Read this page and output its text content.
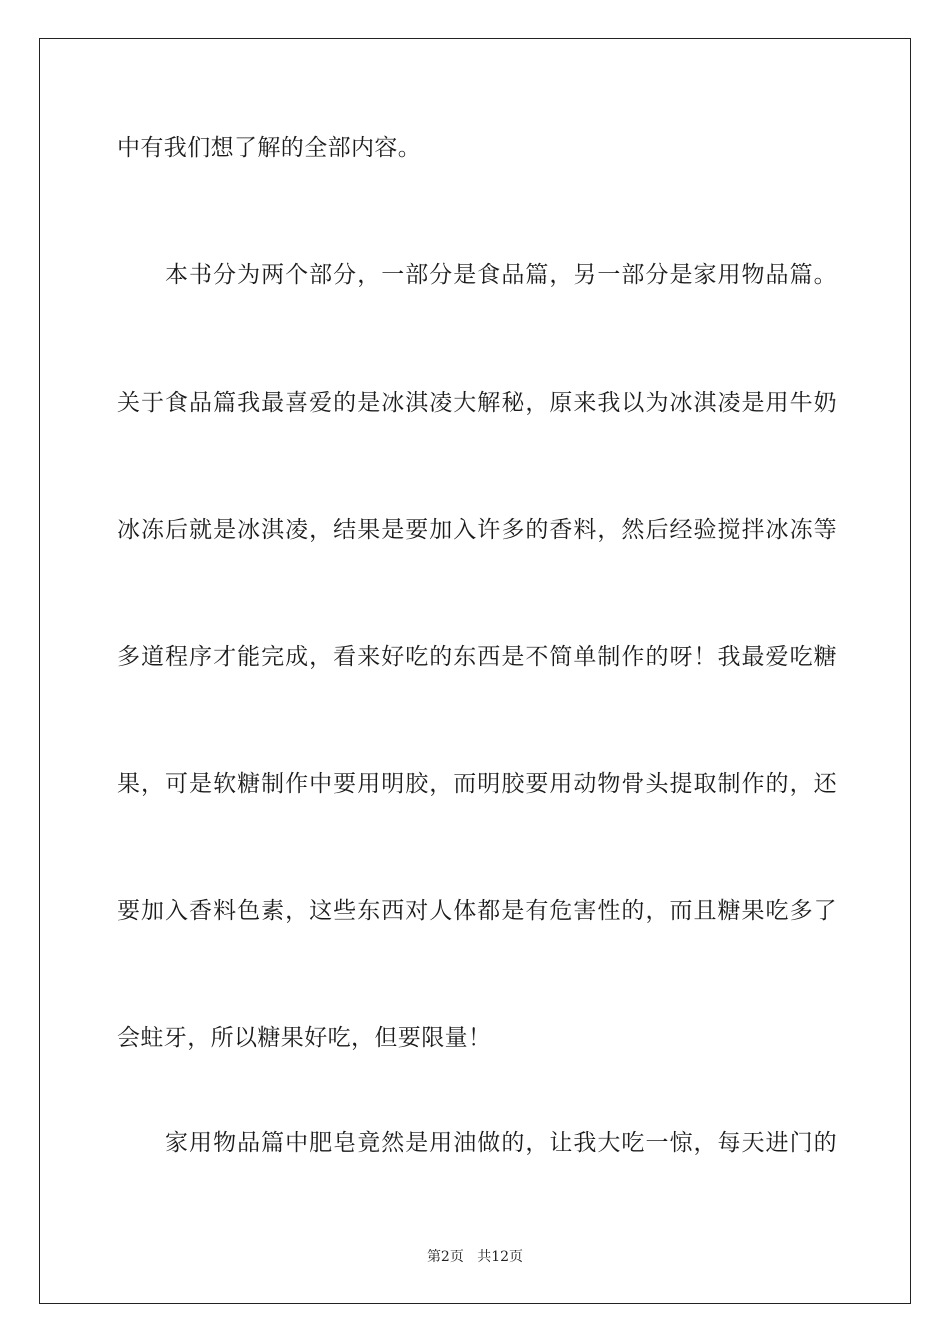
中有我们想了解的全部内容。
　　本书分为两个部分，一部分是食品篇，另一部分是家用物品篇。
关于食品篇我最喜爱的是冰淇凌大解秘，原来我以为冰淇凌是用牛奶
冰冻后就是冰淇凌，结果是要加入许多的香料，然后经验搅拌冰冻等
多道程序才能完成，看来好吃的东西是不简单制作的呀！我最爱吃糖
果，可是软糖制作中要用明胶，而明胶要用动物骨头提取制作的，还
要加入香料色素，这些东西对人体都是有危害性的，而且糖果吃多了
会蛀牙，所以糖果好吃，但要限量！
　　家用物品篇中肥皂竟然是用油做的，让我大吃一惊，每天进门的
第2页 共12页
